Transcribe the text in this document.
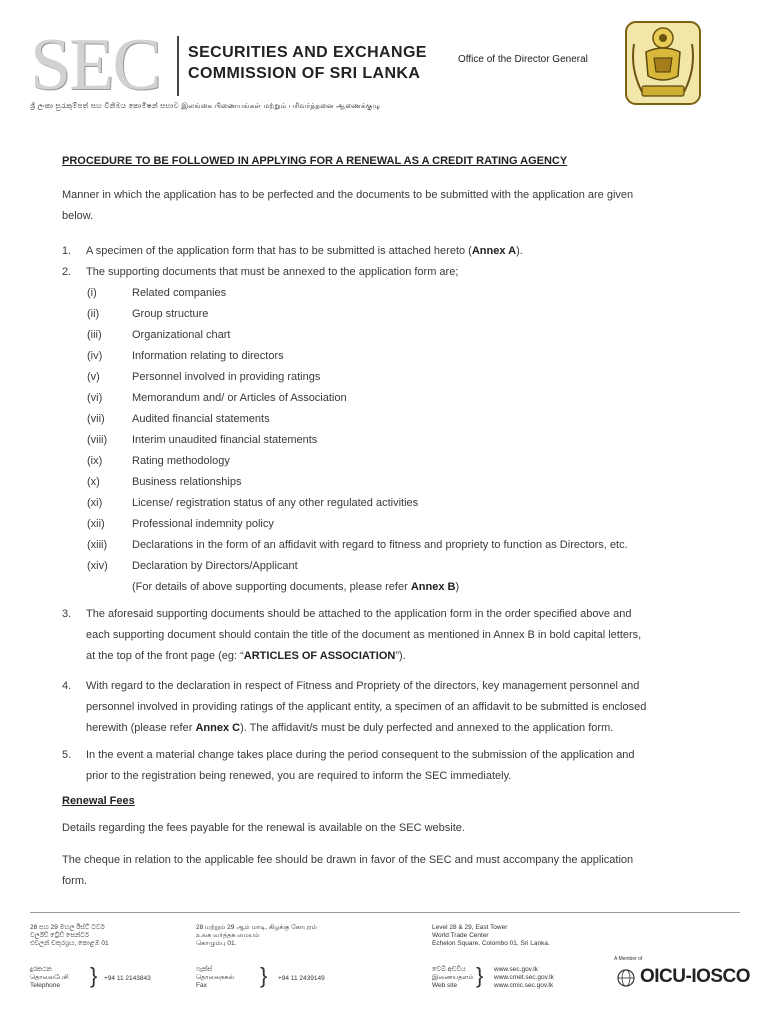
SEC SECURITIES AND EXCHANGE
COMMISSION OF SRI LANKA
Office of the Director General
ශ්‍රී ලංකා සුරැකුම්පත් සහ විනිමය කොමිෂන් සභාව இலங்கை பிணையங்கள் மற்றும் பரிவர்த்தனை ஆணைக்குழு
PROCEDURE TO BE FOLLOWED IN APPLYING FOR A RENEWAL AS A CREDIT RATING AGENCY
Manner in which the application has to be perfected and the documents to be submitted with the application are given
below.
1. A specimen of the application form that has to be submitted is attached hereto (Annex A).
2. The supporting documents that must be annexed to the application form are;
(i)	Related companies
(ii)	Group structure
(iii)	Organizational chart
(iv)	Information relating to directors
(v)	Personnel involved in providing ratings
(vi)	Memorandum and/ or Articles of Association
(vii) Audited financial statements
(viii) Interim unaudited financial statements
(ix)	Rating methodology
(x)	Business relationships
(xi)	License/ registration status of any other regulated activities
(xii) Professional indemnity policy
(xiii) Declarations in the form of an affidavit with regard to fitness and propriety to function as Directors, etc.
(xiv) Declaration by Directors/Applicant
(For details of above supporting documents, please refer Annex B)
3. The aforesaid supporting documents should be attached to the application form in the order specified above and
each supporting document should contain the title of the document as mentioned in Annex B in bold capital letters,
at the top of the front page (eg: “ARTICLES OF ASSOCIATION”).
4. With regard to the declaration in respect of Fitness and Propriety of the directors, key management personnel and
personnel involved in providing ratings of the applicant entity, a specimen of an affidavit to be submitted is enclosed
herewith (please refer Annex C). The affidavit/s must be duly perfected and annexed to the application form.
5. In the event a material change takes place during the period consequent to the submission of the application and
prior to the registration being renewed, you are required to inform the SEC immediately.
Renewal Fees
Details regarding the fees payable for the renewal is available on the SEC website.
The cheque in relation to the applicable fee should be drawn in favor of the SEC and must accompany the application
form.
28 සහ 29 මහල ඊස්ට් ටවර්
වර්ල්ඩ් ට්‍රේඩ් සෙන්ටර්
එචලන් චතුරශ්‍රය, කොළඹ 01
28 மற்றும் 29 ஆம் மாடி, கிழக்கு கோபுரம்
உலக வர்த்தக மையம்
கொழும்பு 01.
Level 28 & 29, East Tower
World Trade Center
Echelon Square, Colombo 01, Sri Lanka.
දුරකථන
தொலைபேசி
Telephone	} +94 11 2143843
ෆැක්ස්
தொலைநகல்
Fax	} +94 11 2439149
වෙබ් අඩවිය
இணையதளம்
Web site } www.sec.gov.lk
www.cmet.sec.gov.lk
www.cmic.sec.gov.lk
A Member of
OICU-IOSCO
